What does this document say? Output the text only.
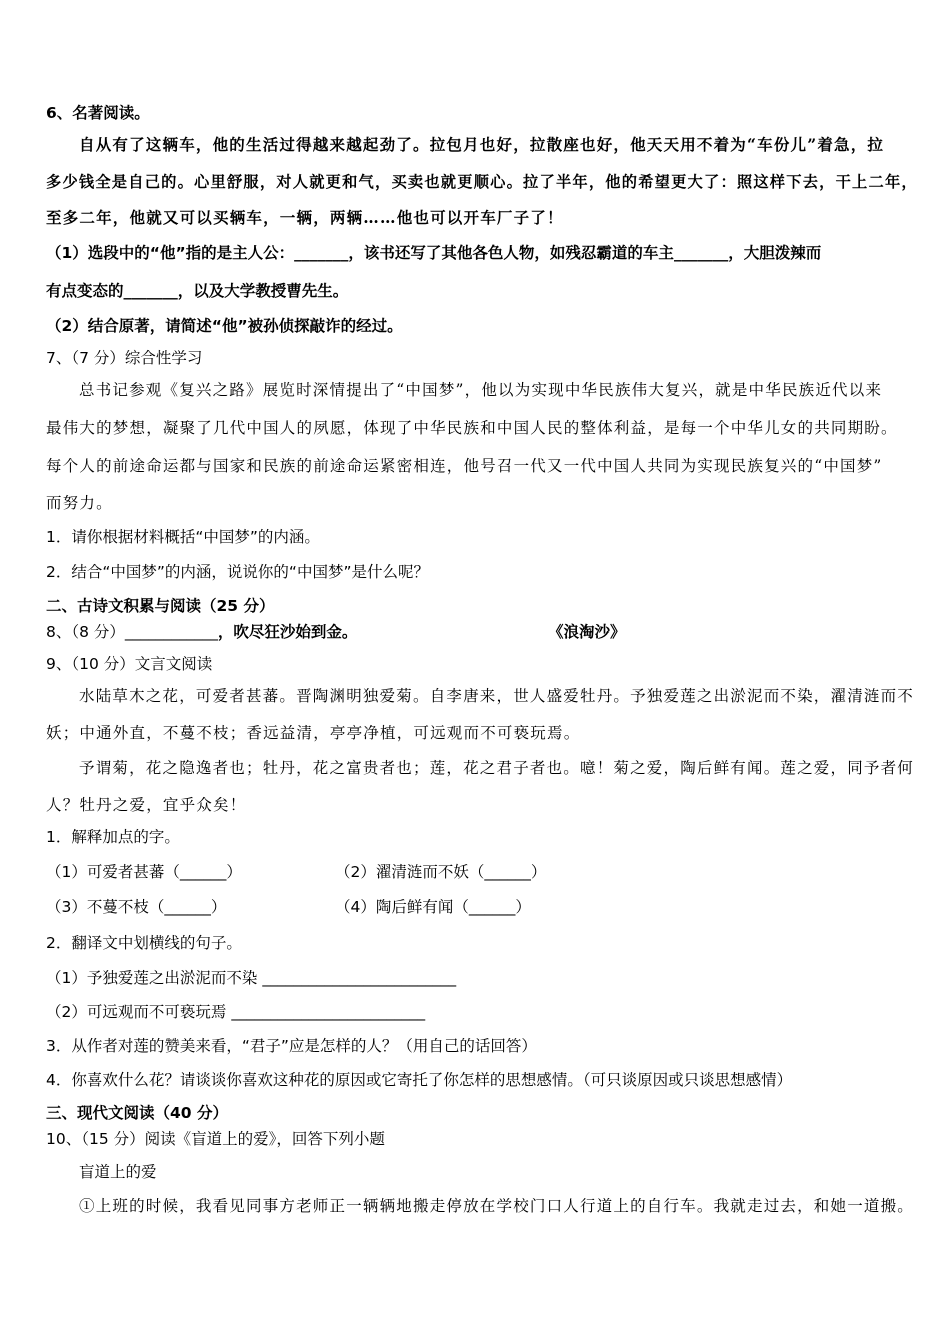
6、名著阅读。
自从有了这辆车，他的生活过得越来越起劲了。拉包月也好，拉散座也好，他天天用不着为“车份儿”着急，拉
多少钱全是自己的。心里舒服，对人就更和气，买卖也就更顺心。拉了半年，他的希望更大了：照这样下去，干上二年，
至多二年，他就又可以买辆车，一辆，两辆……他也可以开车厂子了！
（1）选段中的“他”指的是主人公：_______，该书还写了其他各色人物，如残忍霸道的车主_______，大胆泼辣而
有点变态的_______，以及大学教授曹先生。
（2）结合原著，请简述“他”被孙侦探敲诈的经过。
7、（7 分）综合性学习
总书记参观《复兴之路》展览时深情提出了“中国梦”，他以为实现中华民族伟大复兴，就是中华民族近代以来
最伟大的梦想，凝聚了几代中国人的夙愿，体现了中华民族和中国人民的整体利益，是每一个中华儿女的共同期盼。
每个人的前途命运都与国家和民族的前途命运紧密相连，他号召一代又一代中国人共同为实现民族复兴的“中国梦”
而努力。
1．请你根据材料概括“中国梦”的内涵。
2．结合“中国梦”的内涵，说说你的“中国梦”是什么呢？
二、古诗文积累与阅读（25 分）
8、（8 分）____________，吹尽狂沙始到金。	《浪淘沙》
9、（10 分）文言文阅读
水陆草木之花，可爱者甚蕃。晋陶渊明独爱菊。自李唐来，世人盛爱牡丹。予独爱莲之出淤泥而不染，濯清涟而不
妖；中通外直，不蔓不枝；香远益清，亭亭净植，可远观而不可亵玩焉。
予谓菊，花之隐逸者也；牡丹，花之富贵者也；莲，花之君子者也。噫！菊之爱，陶后鲜有闻。莲之爱，同予者何
人？牡丹之爱，宜乎众矣！
1．解释加点的字。
（1）可爱者甚蕃（______）	（2）濯清涟而不妖（______）
（3）不蔓不枝（______）	（4）陶后鲜有闻（______）
2．翻译文中划横线的句子。
（1）予独爱莲之出淤泥而不染 _________________________
（2）可远观而不可亵玩焉 _________________________
3．从作者对莲的赞美来看，“君子”应是怎样的人？（用自己的话回答）
4．你喜欢什么花？请谈谈你喜欢这种花的原因或它寄托了你怎样的思想感情。（可只谈原因或只谈思想感情）
三、现代文阅读（40 分）
10、（15 分）阅读《盲道上的爱》，回答下列小题
盲道上的爱
①上班的时候，我看见同事方老师正一辆辆地搬走停放在学校门口人行道上的自行车。我就走过去，和她一道搬。
